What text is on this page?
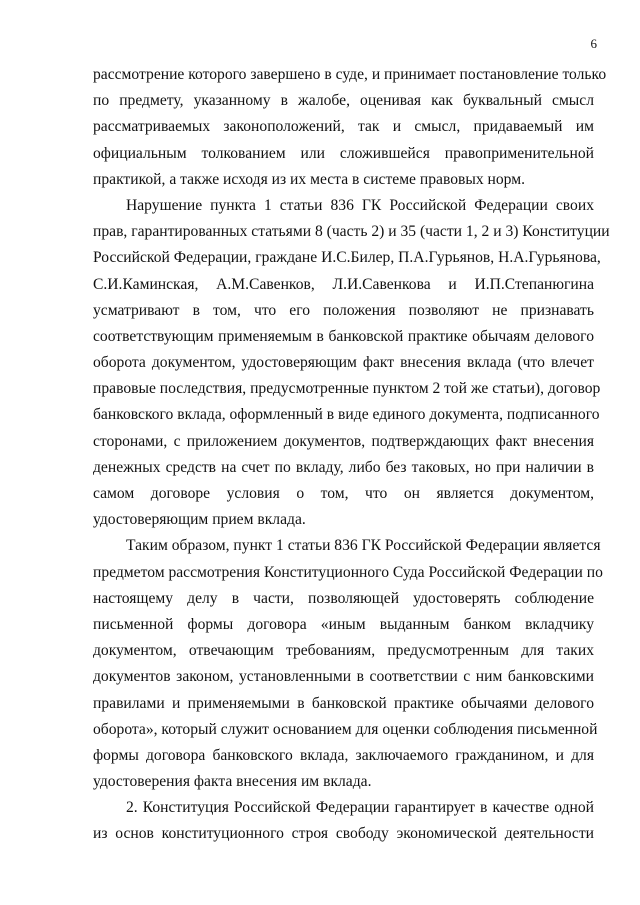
6
рассмотрение которого завершено в суде, и принимает постановление только
по предмету, указанному в жалобе, оценивая как буквальный смысл
рассматриваемых законоположений, так и смысл, придаваемый им
официальным толкованием или сложившейся правоприменительной
практикой, а также исходя из их места в системе правовых норм.
Нарушение пункта 1 статьи 836 ГК Российской Федерации своих
прав, гарантированных статьями 8 (часть 2) и 35 (части 1, 2 и 3) Конституции
Российской Федерации, граждане И.С.Билер, П.А.Гурьянов, Н.А.Гурьянова,
С.И.Каминская, А.М.Савенков, Л.И.Савенкова и И.П.Степанюгина
усматривают в том, что его положения позволяют не признавать
соответствующим применяемым в банковской практике обычаям делового
оборота документом, удостоверяющим факт внесения вклада (что влечет
правовые последствия, предусмотренные пунктом 2 той же статьи), договор
банковского вклада, оформленный в виде единого документа, подписанного
сторонами, с приложением документов, подтверждающих факт внесения
денежных средств на счет по вкладу, либо без таковых, но при наличии в
самом договоре условия о том, что он является документом,
удостоверяющим прием вклада.
Таким образом, пункт 1 статьи 836 ГК Российской Федерации является
предметом рассмотрения Конституционного Суда Российской Федерации по
настоящему делу в части, позволяющей удостоверять соблюдение
письменной формы договора «иным выданным банком вкладчику
документом, отвечающим требованиям, предусмотренным для таких
документов законом, установленными в соответствии с ним банковскими
правилами и применяемыми в банковской практике обычаями делового
оборота», который служит основанием для оценки соблюдения письменной
формы договора банковского вклада, заключаемого гражданином, и для
удостоверения факта внесения им вклада.
2. Конституция Российской Федерации гарантирует в качестве одной
из основ конституционного строя свободу экономической деятельности
